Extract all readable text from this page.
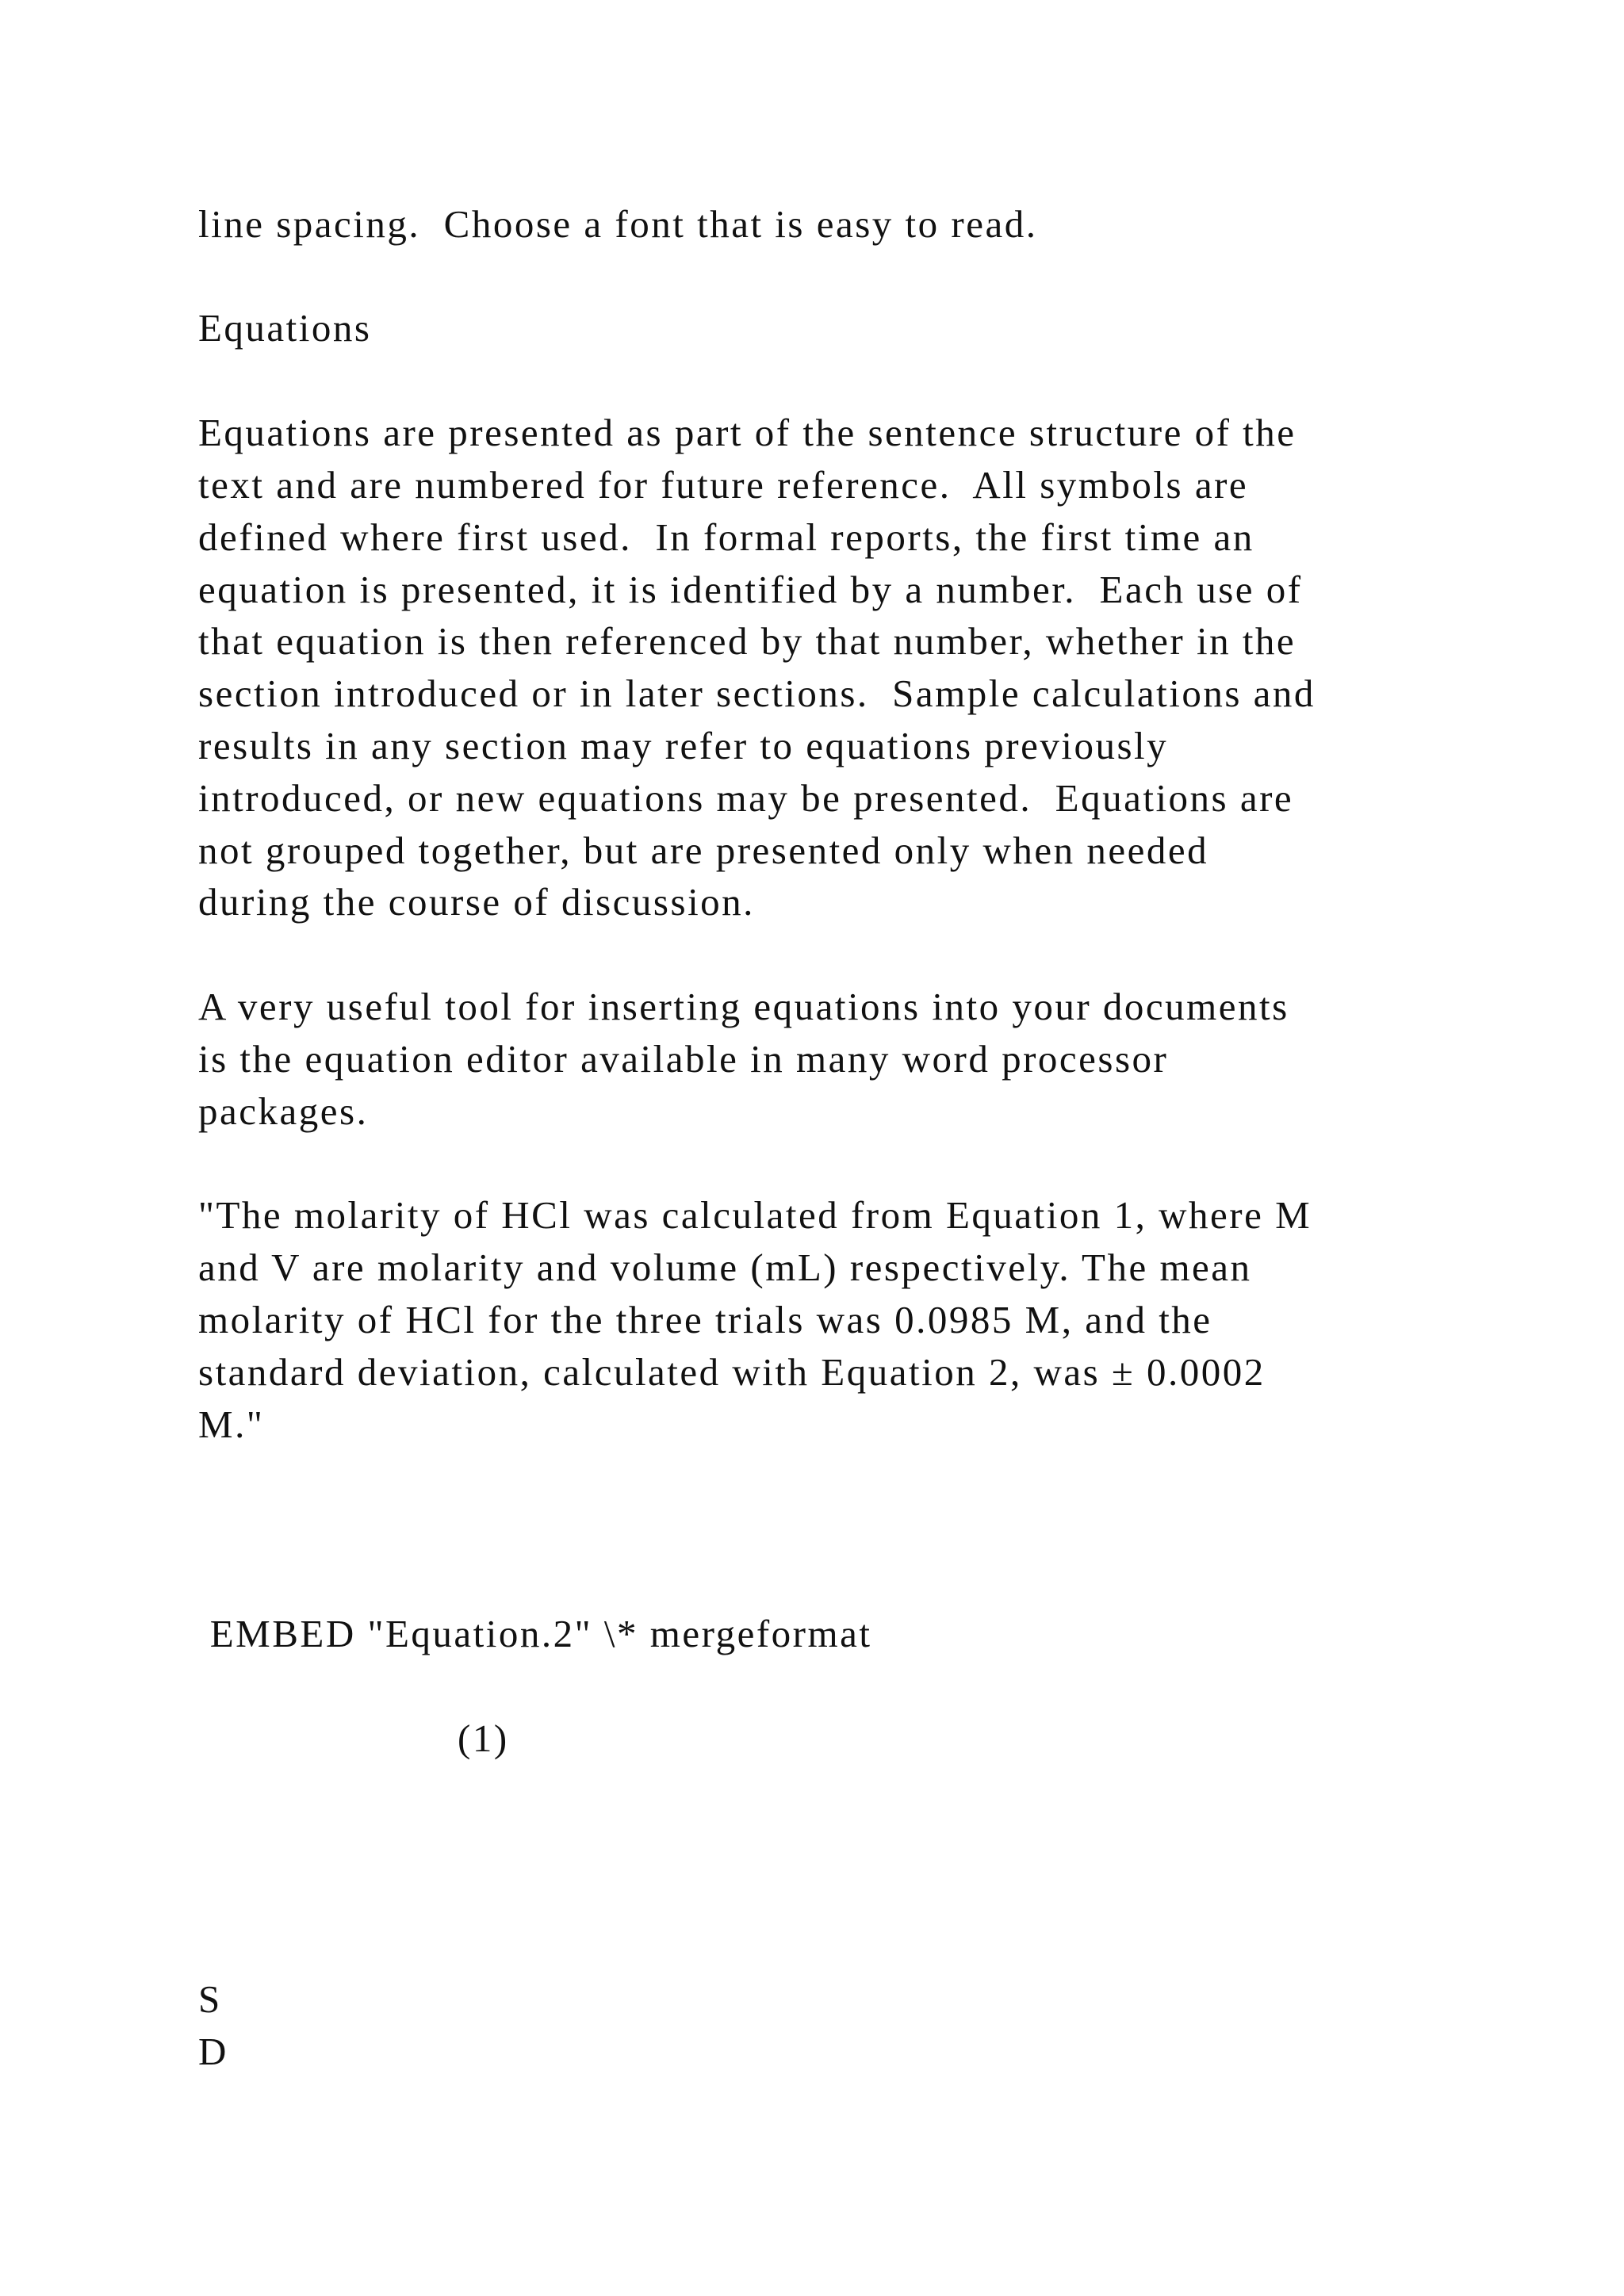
line spacing.  Choose a font that is easy to read.
Equations
Equations are presented as part of the sentence structure of the
text and are numbered for future reference.  All symbols are
defined where first used.  In formal reports, the first time an
equation is presented, it is identified by a number.  Each use of
that equation is then referenced by that number, whether in the
section introduced or in later sections.  Sample calculations and
results in any section may refer to equations previously
introduced, or new equations may be presented.  Equations are
not grouped together, but are presented only when needed
during the course of discussion.
A very useful tool for inserting equations into your documents
is the equation editor available in many word processor
packages.
"The molarity of HCl was calculated from Equation 1, where M
and V are molarity and volume (mL) respectively. The mean
molarity of HCl for the three trials was 0.0985 M, and the
standard deviation, calculated with Equation 2, was ± 0.0002
M."
EMBED "Equation.2" \* mergeformat
(1)
S
D
